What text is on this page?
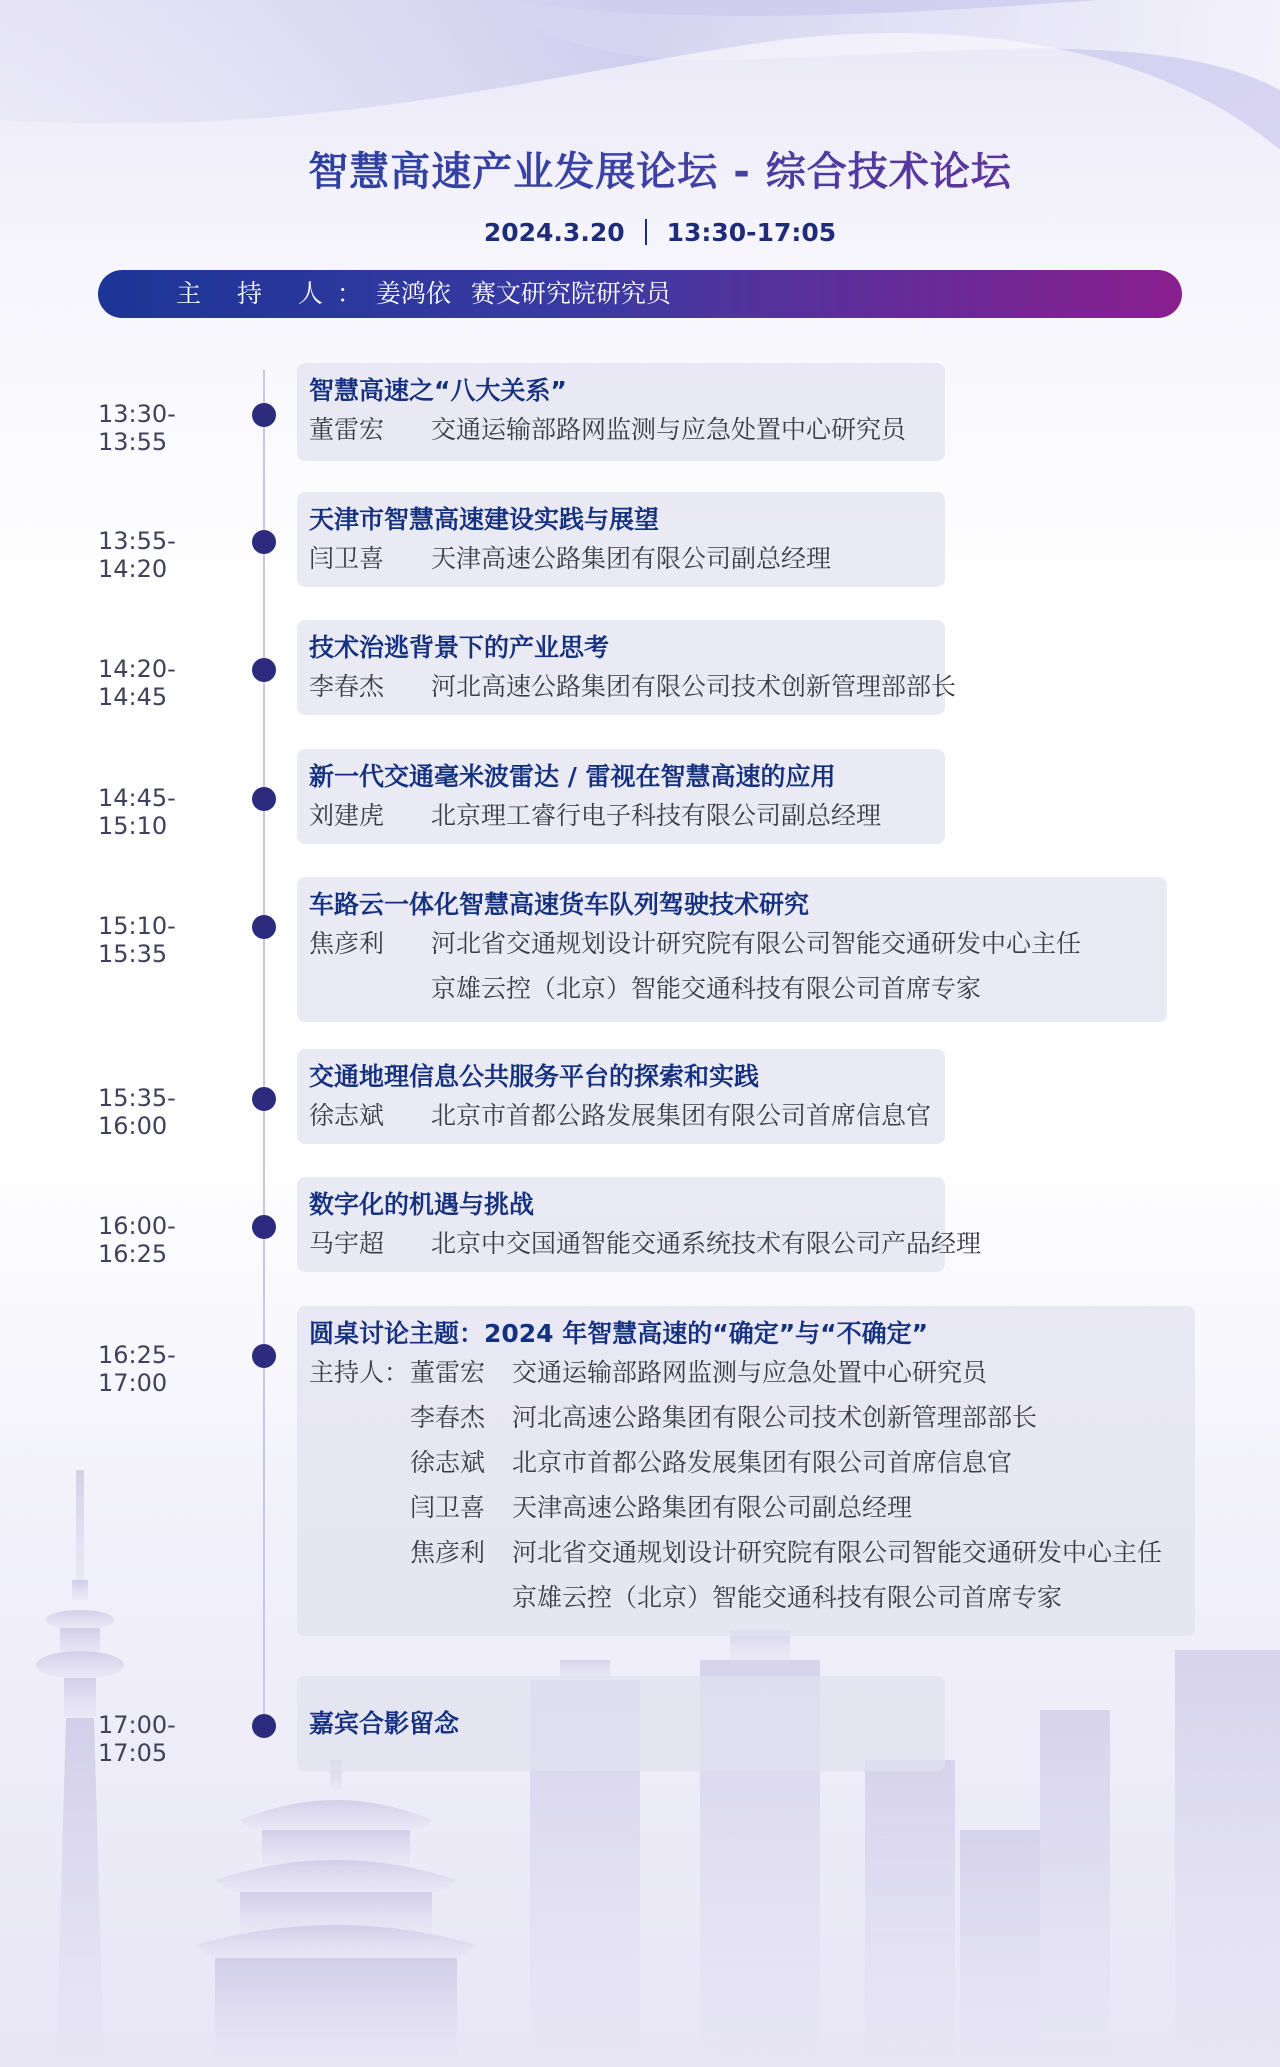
智慧高速产业发展论坛 - 综合技术论坛
2024.3.20 13:30-17:05
主 持 人：姜鸿依 赛文研究院研究员
13:30-13:55
智慧高速之“八大关系”
董雷宏	交通运输部路网监测与应急处置中心研究员
13:55-14:20
天津市智慧高速建设实践与展望
闫卫喜	天津高速公路集团有限公司副总经理
14:20-14:45
技术治逃背景下的产业思考
李春杰	河北高速公路集团有限公司技术创新管理部部长
14:45-15:10
新一代交通毫米波雷达 / 雷视在智慧高速的应用
刘建虎	北京理工睿行电子科技有限公司副总经理
15:10-15:35
车路云一体化智慧高速货车队列驾驶技术研究
焦彦利	河北省交通规划设计研究院有限公司智能交通研发中心主任
京雄云控（北京）智能交通科技有限公司首席专家
15:35-16:00
交通地理信息公共服务平台的探索和实践
徐志斌	北京市首都公路发展集团有限公司首席信息官
16:00-16:25
数字化的机遇与挑战
马宇超	北京中交国通智能交通系统技术有限公司产品经理
16:25-17:00
圆桌讨论主题：2024 年智慧高速的“确定”与“不确定”
主持人： 董雷宏	交通运输部路网监测与应急处置中心研究员
李春杰	河北高速公路集团有限公司技术创新管理部部长
徐志斌	北京市首都公路发展集团有限公司首席信息官
闫卫喜	天津高速公路集团有限公司副总经理
焦彦利	河北省交通规划设计研究院有限公司智能交通研发中心主任
京雄云控（北京）智能交通科技有限公司首席专家
17:00-17:05
嘉宾合影留念
